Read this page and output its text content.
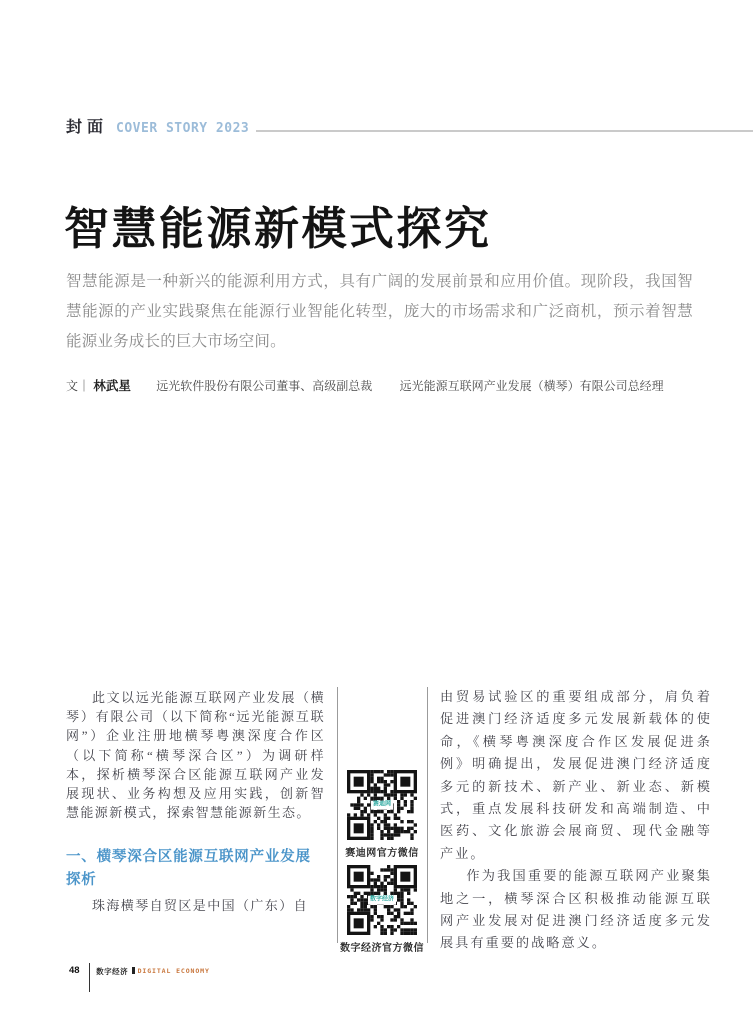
封面 COVER STORY 2023
智慧能源新模式探究

智慧能源是一种新兴的能源利用方式，具有广阔的发展前景和应用价值。现阶段，我国智慧能源的产业实践聚焦在能源行业智能化转型，庞大的市场需求和广泛商机，预示着智慧能源业务成长的巨大市场空间。

文｜ 林武星 远光软件股份有限公司董事、高级副总裁 远光能源互联网产业发展（横琴）有限公司总经理

此文以远光能源互联网产业发展（横琴）有限公司（以下简称“远光能源互联网”）企业注册地横琴粤澳深度合作区（以下简称“横琴深合区”）为调研样本，探析横琴深合区能源互联网产业发展现状、业务构想及应用实践，创新智慧能源新模式，探索智慧能源新生态。

一、横琴深合区能源互联网产业发展探析

珠海横琴自贸区是中国（广东）自

赛迪网
赛迪网官方微信
数字经济
数字经济官方微信

由贸易试验区的重要组成部分，肩负着促进澳门经济适度多元发展新载体的使命，《横琴粤澳深度合作区发展促进条例》明确提出，发展促进澳门经济适度多元的新技术、新产业、新业态、新模式，重点发展科技研发和高端制造、中医药、文化旅游会展商贸、现代金融等产业。

作为我国重要的能源互联网产业聚集地之一，横琴深合区积极推动能源互联网产业发展对促进澳门经济适度多元发展具有重要的战略意义。

48 数字经济 DIGITAL ECONOMY
